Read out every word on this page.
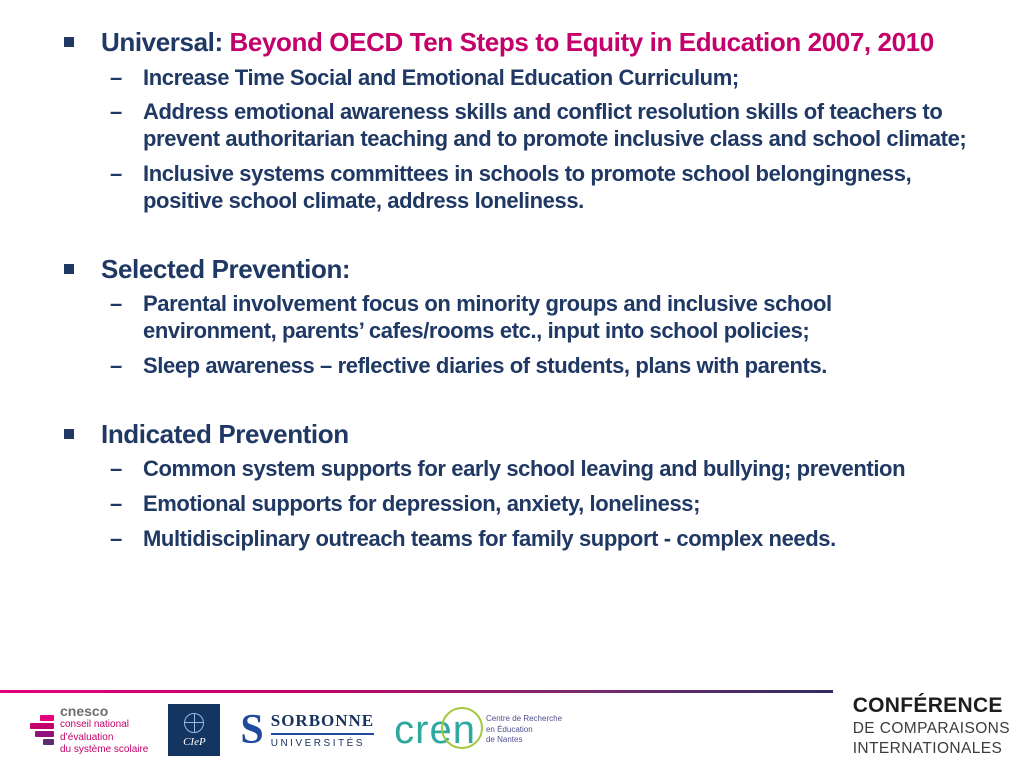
Universal: Beyond OECD Ten Steps to Equity in Education 2007, 2010

– Increase Time Social and Emotional Education Curriculum;

– Address emotional awareness skills and conflict resolution skills of teachers to prevent authoritarian teaching and to promote inclusive class and school climate;

– Inclusive systems committees in schools to promote school belongingness, positive school climate, address loneliness.

Selected Prevention:

– Parental involvement focus on minority groups and inclusive school environment, parents’ cafes/rooms etc., input into school policies;

– Sleep awareness – reflective diaries of students, plans with parents.

Indicated Prevention

– Common system supports for early school leaving and bullying; prevention

– Emotional supports for depression, anxiety, loneliness;

– Multidisciplinary outreach teams for family support - complex needs.

cnesco
conseil national
d’évaluation
du système scolaire
CIeP S SORBONNE
UNIVERSITÉS cren Centre de Recherche
en Éducation
de Nantes
CONFÉRENCE
DE COMPARAISONS
INTERNATIONALES
